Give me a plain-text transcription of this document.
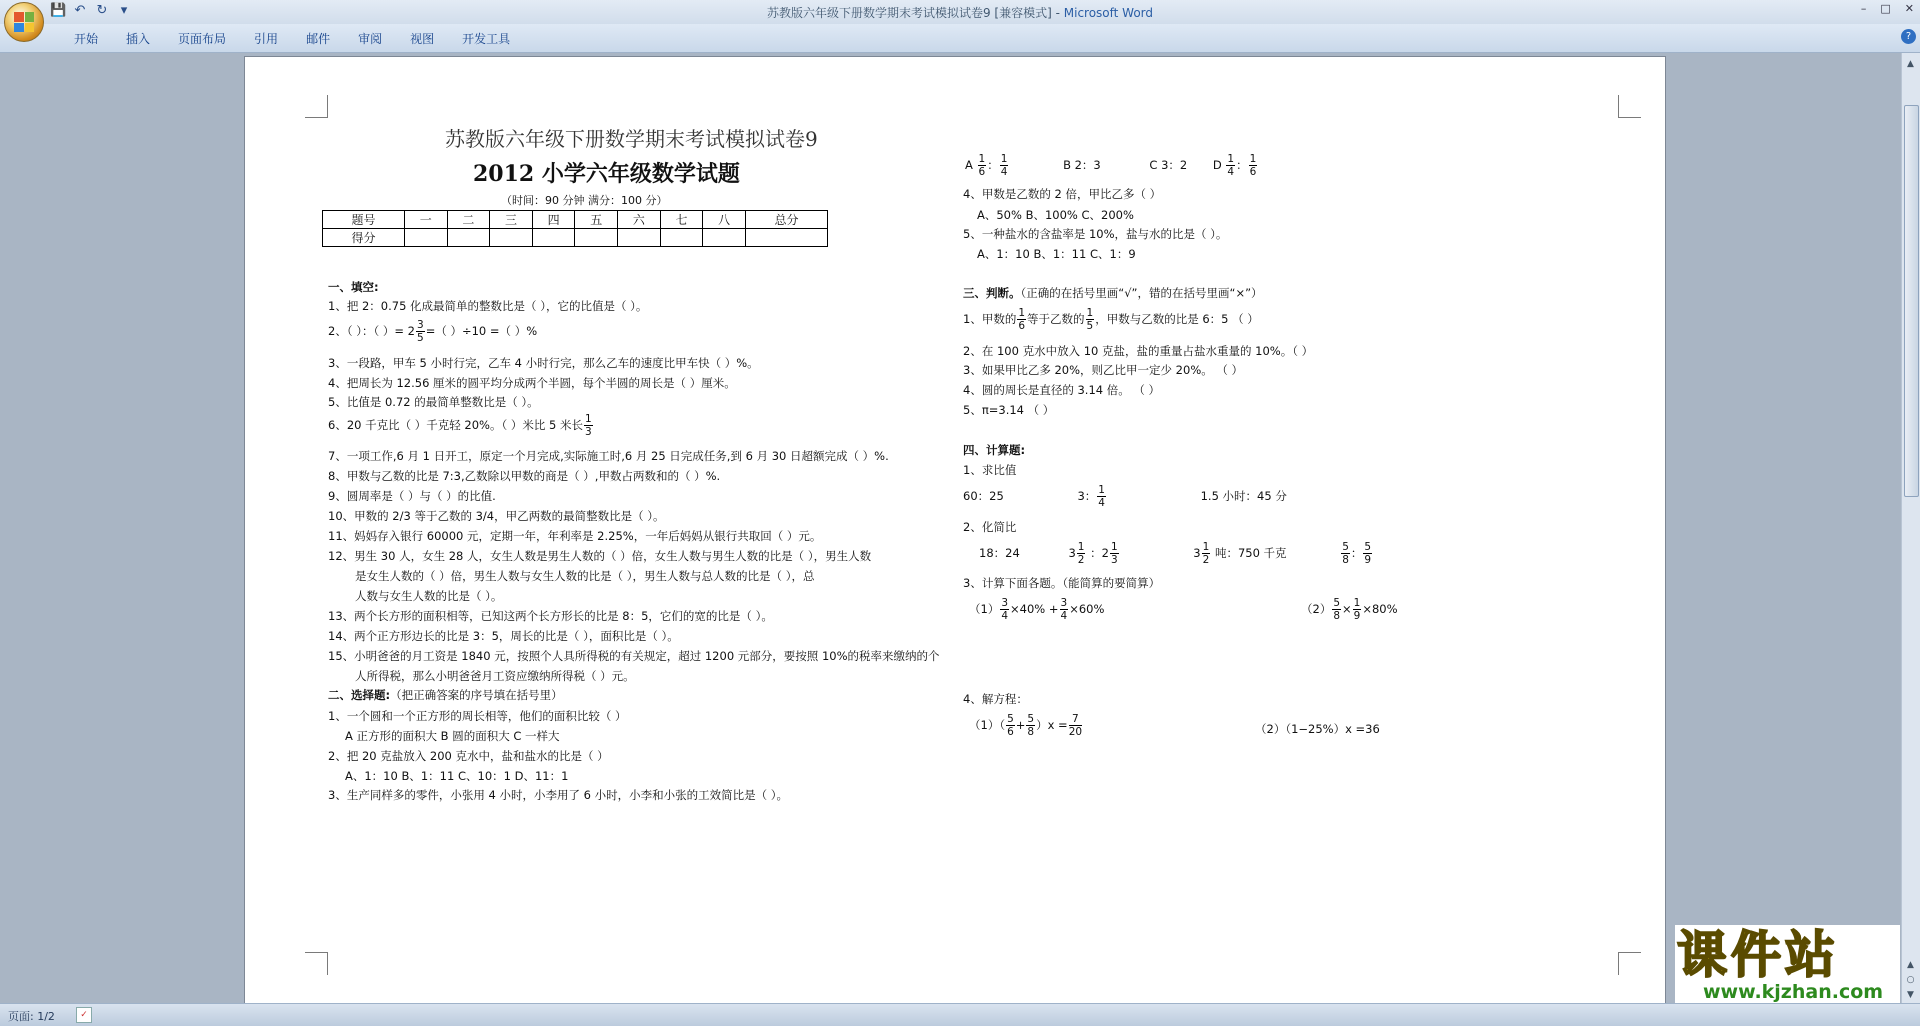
💾 ↶ ↻	▾	苏教版六年级下册数学期末考试模拟试卷9 [兼容模式] - Microsoft Word	– □ ✕
开始	插入	页面布局	引用	邮件	审阅	视图	开发工具	?
苏教版六年级下册数学期末考试模拟试卷9
2012 小学六年级数学试题
（时间：90 分钟 满分：100 分）
题号	一	二	三	四	五	六	七	八	总分
得分									
一、填空:
1、把 2：0.75 化成最简单的整数比是（ ），它的比值是（ ）。
2、（ ）：（ ）= $2 \frac{3}{5}$ =（ ）÷10 =（ ）%
3、一段路，甲车 5 小时行完，乙车 4 小时行完，那么乙车的速度比甲车快（ ）%。
4、把周长为 12.56 厘米的圆平均分成两个半圆，每个半圆的周长是（ ）厘米。
5、比值是 0.72 的最简单整数比是（ ）。
6、20 千克比（ ）千克轻 20%。（ ）米比 5 米长 $\frac{1}{3}$
7、一项工作,6 月 1 日开工，原定一个月完成,实际施工时,6 月 25 日完成任务,到 6 月 30 日超额完成（ ）%.
8、甲数与乙数的比是 7:3,乙数除以甲数的商是（ ）,甲数占两数和的（ ）%.
9、圆周率是（ ）与（ ）的比值.
10、甲数的 2/3 等于乙数的 3/4，甲乙两数的最简整数比是（ ）。
11、妈妈存入银行 60000 元，定期一年，年利率是 2.25%，一年后妈妈从银行共取回（ ）元。
12、男生 30 人，女生 28 人，女生人数是男生人数的（ ）倍，女生人数与男生人数的比是（ ），男生人数
是女生人数的（ ）倍，男生人数与女生人数的比是（ ），男生人数与总人数的比是（ ），总
人数与女生人数的比是（ ）。
13、两个长方形的面积相等，已知这两个长方形长的比是 8：5，它们的宽的比是（ ）。
14、两个正方形边长的比是 3：5，周长的比是（ ），面积比是（ ）。
15、小明爸爸的月工资是 1840 元，按照个人具所得税的有关规定，超过 1200 元部分，要按照 10%的税率来缴纳的个
人所得税，那么小明爸爸月工资应缴纳所得税（ ）元。
二、选择题:（把正确答案的序号填在括号里）
1、一个圆和一个正方形的周长相等，他们的面积比较（ ）
A 正方形的面积大 B 圆的面积大 C 一样大
2、把 20 克盐放入 200 克水中，盐和盐水的比是（ ）
A、1：10 B、1：11 C、10：1 D、11：1
3、生产同样多的零件，小张用 4 小时，小李用了 6 小时，小李和小张的工效简比是（ ）。
A $\frac{1}{6}$ ： $\frac{1}{4}$	B 2：3	C 3：2 D $\frac{1}{4}$ ： $\frac{1}{6}$
4、甲数是乙数的 2 倍，甲比乙多（ ）
A、50% B、100% C、200%
5、一种盐水的含盐率是 10%，盐与水的比是（ ）。
A、1：10 B、1：11 C、1：9
三、判断。（正确的在括号里画“√”，错的在括号里画“×”）
1、甲数的 $\frac{1}{6}$ 等于乙数的 $\frac{1}{5}$ ，甲数与乙数的比是 6：5 （ ）
2、在 100 克水中放入 10 克盐，盐的重量占盐水重量的 10%。（ ）
3、如果甲比乙多 20%，则乙比甲一定少 20%。 （ ）
4、圆的周长是直径的 3.14 倍。 （ ）
5、π=3.14 （ ）
四、计算题:
1、求比值
60：25	3： $\frac{1}{4}$	1.5 小时：45 分
2、化简比
18：24	$3 \frac{1}{2}$ ：$2 \frac{1}{3}$	$3 \frac{1}{2}$ 吨：750 千克	$\frac{5}{8}$ ： $\frac{5}{9}$
3、计算下面各题。（能简算的要简算）
$(1) \frac{3}{4} \times 40\% + \frac{3}{4} \times 60\%$	$(2) \frac{5}{8} \times \frac{1}{9} \times 80\%$
4、解方程：
$(1)( \frac{5}{6} + \frac{5}{8} )x = \frac{7}{20}$	（2）（1−25%）x =36
▲
▲
○
▼
课件站
www.kjzhan.com
页面: 1/2	✓
